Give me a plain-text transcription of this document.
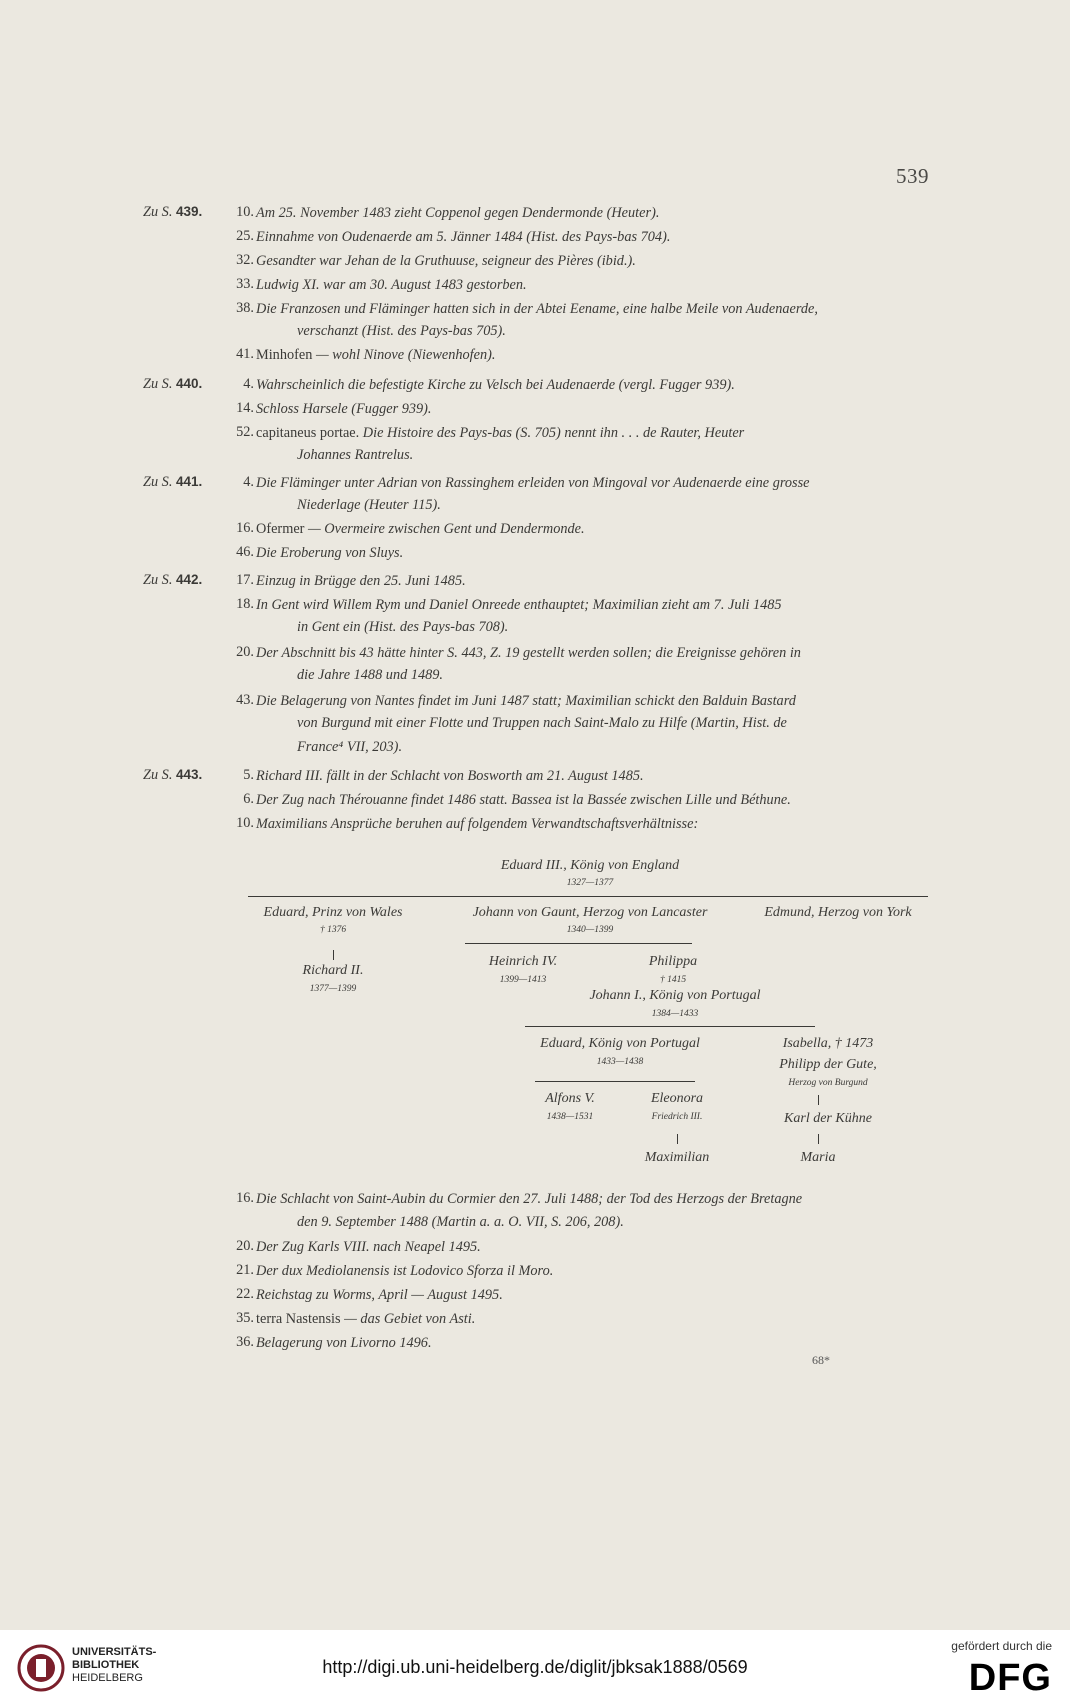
539
Zu S. 439.
Zu S. 440.
Zu S. 441.
Zu S. 442.
Zu S. 443.
10. Am 25. November 1483 zieht Coppenol gegen Dendermonde (Heuter).
25. Einnahme von Oudenaerde am 5. Jänner 1484 (Hist. des Pays-bas 704).
32. Gesandter war Jehan de la Gruthuuse, seigneur des Pières (ibid.).
33. Ludwig XI. war am 30. August 1483 gestorben.
38. Die Franzosen und Fläminger hatten sich in der Abtei Eename, eine halbe Meile von Audenaerde,
verschanzt (Hist. des Pays-bas 705).
41. Minhofen — wohl Ninove (Niewenhofen).
4. Wahrscheinlich die befestigte Kirche zu Velsch bei Audenaerde (vergl. Fugger 939).
14. Schloss Harsele (Fugger 939).
52. capitaneus portae. Die Histoire des Pays-bas (S. 705) nennt ihn . . . de Rauter, Heuter
Johannes Rantrelus.
4. Die Fläminger unter Adrian von Rassinghem erleiden von Mingoval vor Audenaerde eine grosse
Niederlage (Heuter 115).
16. Ofermer — Overmeire zwischen Gent und Dendermonde.
46. Die Eroberung von Sluys.
17. Einzug in Brügge den 25. Juni 1485.
18. In Gent wird Willem Rym und Daniel Onreede enthauptet; Maximilian zieht am 7. Juli 1485
in Gent ein (Hist. des Pays-bas 708).
20. Der Abschnitt bis 43 hätte hinter S. 443, Z. 19 gestellt werden sollen; die Ereignisse gehören in
die Jahre 1488 und 1489.
43. Die Belagerung von Nantes findet im Juni 1487 statt; Maximilian schickt den Balduin Bastard
von Burgund mit einer Flotte und Truppen nach Saint-Malo zu Hilfe (Martin, Hist. de
France⁴ VII, 203).
5. Richard III. fällt in der Schlacht von Bosworth am 21. August 1485.
6. Der Zug nach Thérouanne findet 1486 statt. Bassea ist la Bassée zwischen Lille und Béthune.
10. Maximilians Ansprüche beruhen auf folgendem Verwandtschaftsverhältnisse:
Eduard III., König von England
1327—1377
Eduard, Prinz von Wales
† 1376
Richard II.
1377—1399
Johann von Gaunt, Herzog von Lancaster
1340—1399
Edmund, Herzog von York
Heinrich IV.
1399—1413
Philippa
† 1415
Johann I., König von Portugal
1384—1433
Eduard, König von Portugal
1433—1438
Isabella, † 1473
Philipp der Gute,
Herzog von Burgund
Alfons V.
1438—1531
Eleonora
Friedrich III.	Karl der Kühne
Maximilian	Maria
16. Die Schlacht von Saint-Aubin du Cormier den 27. Juli 1488; der Tod des Herzogs der Bretagne
den 9. September 1488 (Martin a. a. O. VII, S. 206, 208).
20. Der Zug Karls VIII. nach Neapel 1495.
21. Der dux Mediolanensis ist Lodovico Sforza il Moro.
22. Reichstag zu Worms, April — August 1495.
35. terra Nastensis — das Gebiet von Asti.
36. Belagerung von Livorno 1496.
68*
UNIVERSITÄTS-
BIBLIOTHEK
HEIDELBERG
http://digi.ub.uni-heidelberg.de/diglit/jbksak1888/0569
gefördert durch die
DFG
